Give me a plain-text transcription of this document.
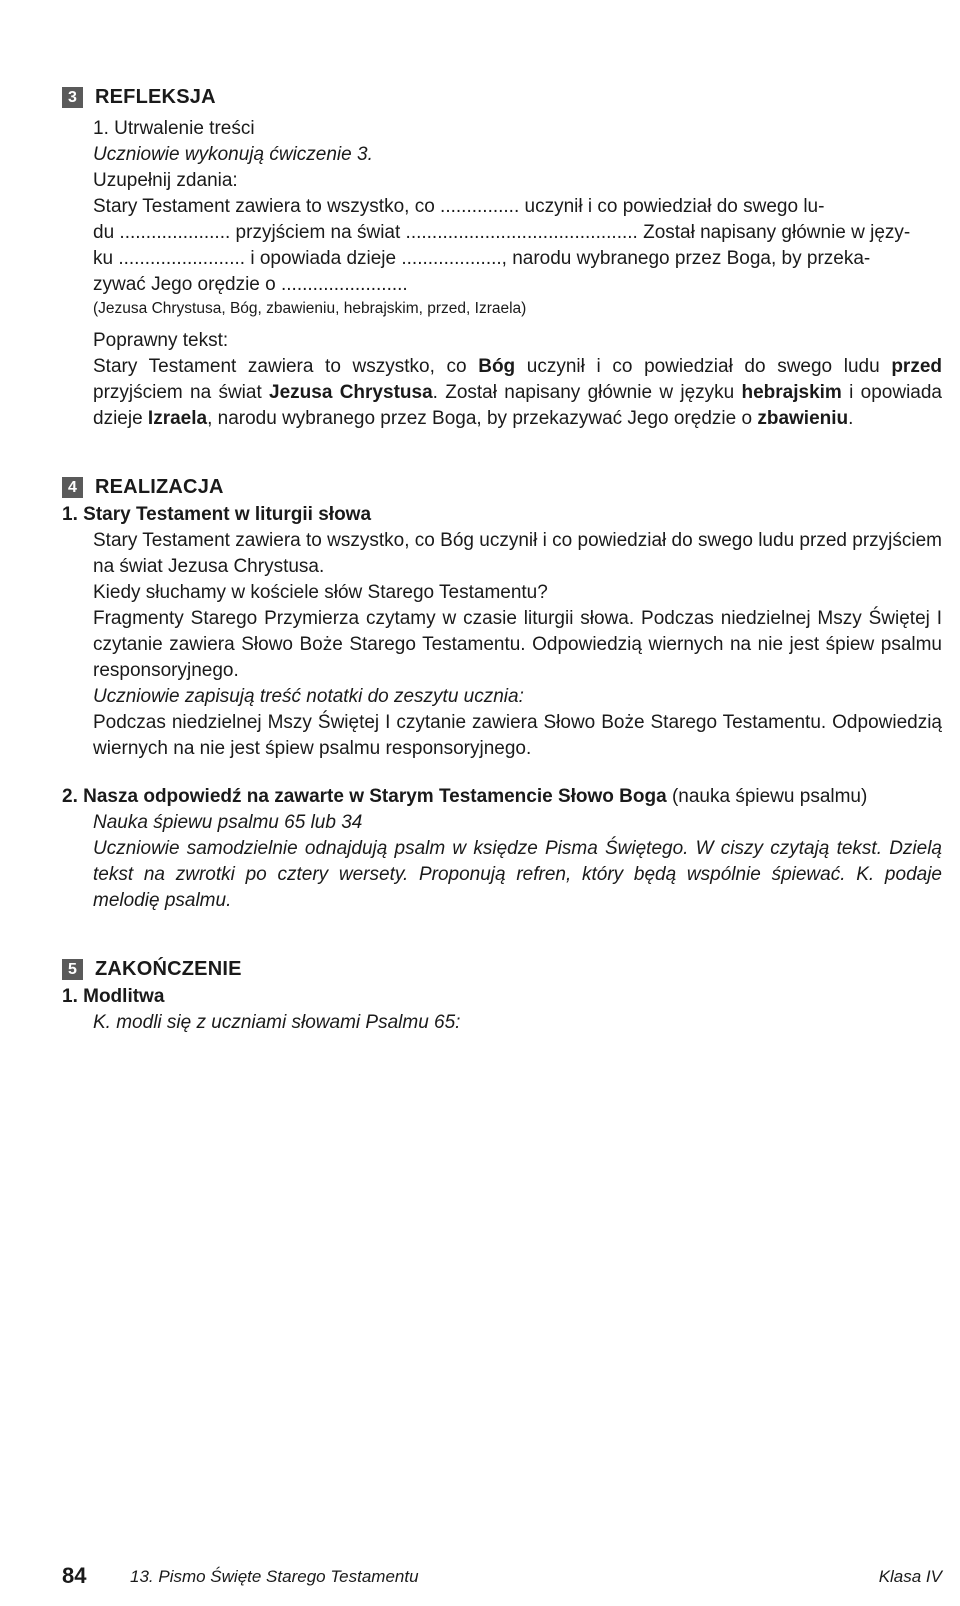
3 REFLEKSJA

1. Utrwalenie treści

Uczniowie wykonują ćwiczenie 3.

Uzupełnij zdania:

Stary Testament zawiera to wszystko, co ............... uczynił i co powiedział do swego lu-

du ..................... przyjściem na świat ............................................ Został napisany głównie w języ-

ku ........................ i opowiada dzieje ..................., narodu wybranego przez Boga, by przeka-

zywać Jego orędzie o ........................

(Jezusa Chrystusa, Bóg, zbawieniu, hebrajskim, przed, Izraela)

Poprawny tekst:

Stary Testament zawiera to wszystko, co Bóg uczynił i co powiedział do swego ludu przed przyjściem na świat Jezusa Chrystusa. Został napisany głównie w języku hebrajskim i opowiada dzieje Izraela, narodu wybranego przez Boga, by przekazywać Jego orędzie o zbawieniu.

4 REALIZACJA

1. Stary Testament w liturgii słowa

Stary Testament zawiera to wszystko, co Bóg uczynił i co powiedział do swego ludu przed przyjściem na świat Jezusa Chrystusa.

Kiedy słuchamy w kościele słów Starego Testamentu?

Fragmenty Starego Przymierza czytamy w czasie liturgii słowa. Podczas niedzielnej Mszy Świętej I czytanie zawiera Słowo Boże Starego Testamentu. Odpowiedzią wiernych na nie jest śpiew psalmu responsoryjnego.

Uczniowie zapisują treść notatki do zeszytu ucznia:

Podczas niedzielnej Mszy Świętej I czytanie zawiera Słowo Boże Starego Testamentu. Odpowiedzią wiernych na nie jest śpiew psalmu responsoryjnego.

2. Nasza odpowiedź na zawarte w Starym Testamencie Słowo Boga (nauka śpiewu psalmu)

Nauka śpiewu psalmu 65 lub 34

Uczniowie samodzielnie odnajdują psalm w księdze Pisma Świętego. W ciszy czytają tekst. Dzielą tekst na zwrotki po cztery wersety. Proponują refren, który będą wspólnie śpiewać. K. podaje melodię psalmu.

5 ZAKOŃCZENIE

1. Modlitwa

K. modli się z uczniami słowami Psalmu 65:

84	13. Pismo Święte Starego Testamentu	Klasa IV
